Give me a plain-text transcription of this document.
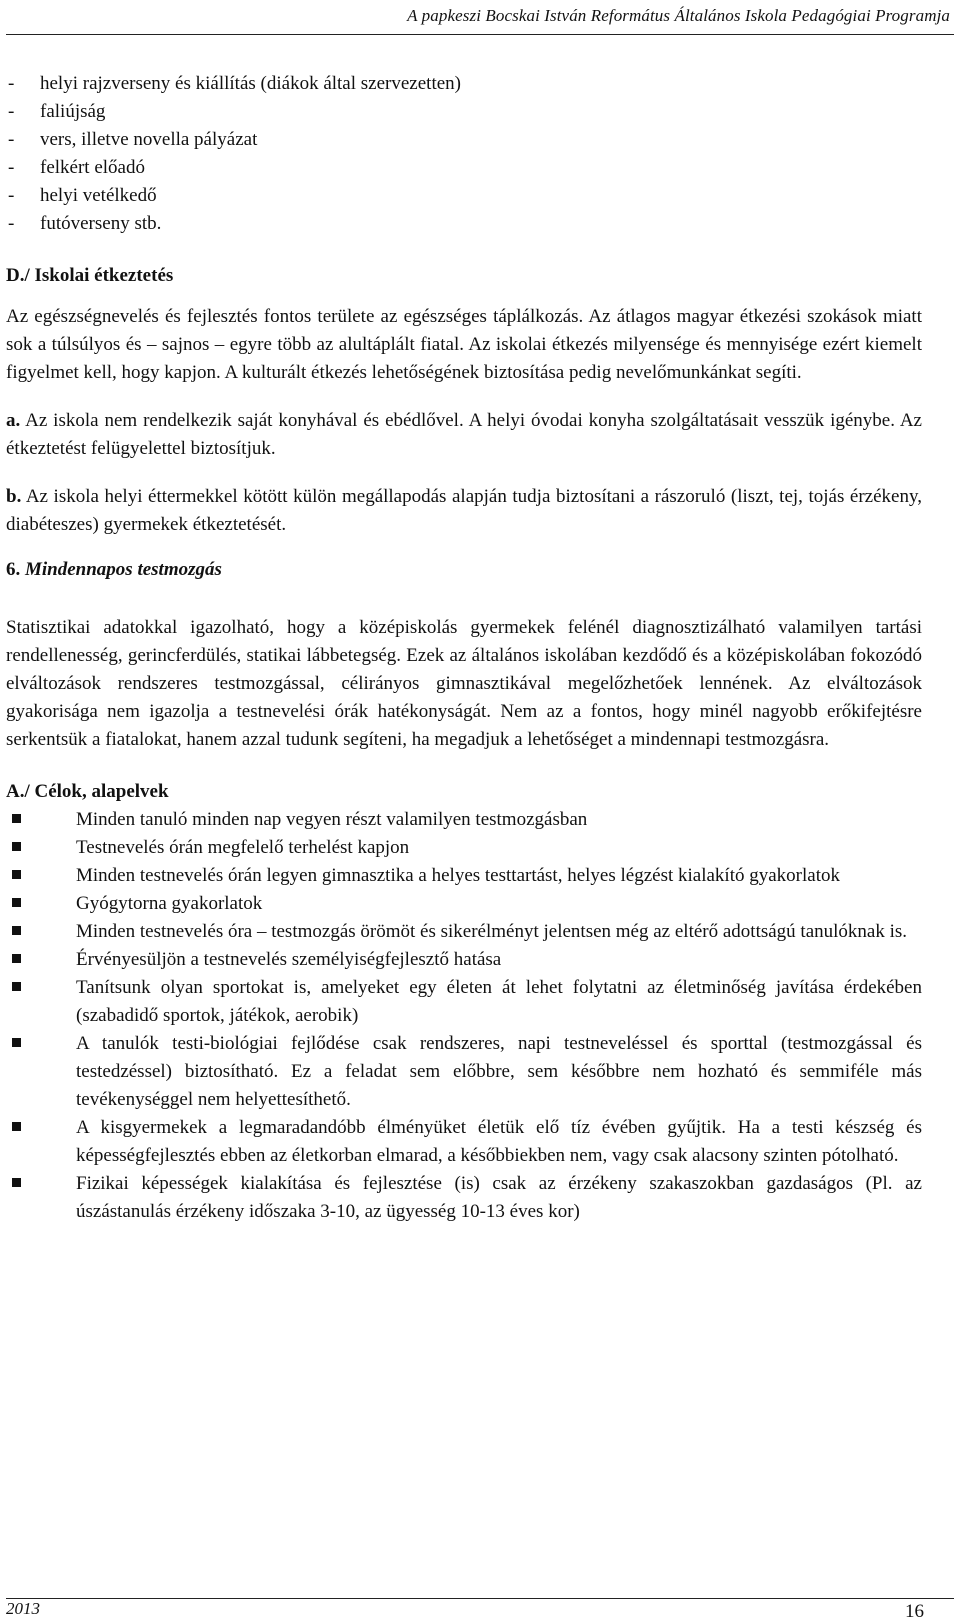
A papkeszi Bocskai István Református Általános Iskola Pedagógiai Programja
- helyi rajzverseny és kiállítás (diákok által szervezetten)
- faliújság
- vers, illetve novella pályázat
- felkért előadó
- helyi vetélkedő
- futóverseny stb.

D./ Iskolai étkeztetés

Az egészségnevelés és fejlesztés fontos területe az egészséges táplálkozás. Az átlagos magyar étkezési szokások miatt sok a túlsúlyos és – sajnos – egyre több az alultáplált fiatal. Az iskolai étkezés milyensége és mennyisége ezért kiemelt figyelmet kell, hogy kapjon. A kulturált étkezés lehetőségének biztosítása pedig nevelőmunkánkat segíti.

a. Az iskola nem rendelkezik saját konyhával és ebédlővel. A helyi óvodai konyha szolgáltatásait vesszük igénybe. Az étkeztetést felügyelettel biztosítjuk.

b. Az iskola helyi éttermekkel kötött külön megállapodás alapján tudja biztosítani a rászoruló (liszt, tej, tojás érzékeny, diabéteszes) gyermekek étkeztetését.

6. Mindennapos testmozgás

Statisztikai adatokkal igazolható, hogy a középiskolás gyermekek felénél diagnosztizálható valamilyen tartási rendellenesség, gerincferdülés, statikai lábbetegség. Ezek az általános iskolában kezdődő és a középiskolában fokozódó elváltozások rendszeres testmozgással, célirányos gimnasztikával megelőzhetőek lennének. Az elváltozások gyakorisága nem igazolja a testnevelési órák hatékonyságát. Nem az a fontos, hogy minél nagyobb erőkifejtésre serkentsük a fiatalokat, hanem azzal tudunk segíteni, ha megadjuk a lehetőséget a mindennapi testmozgásra.

A./ Célok, alapelvek

Minden tanuló minden nap vegyen részt valamilyen testmozgásban
Testnevelés órán megfelelő terhelést kapjon
Minden testnevelés órán legyen gimnasztika a helyes testtartást, helyes légzést kialakító gyakorlatok
Gyógytorna gyakorlatok
Minden testnevelés óra – testmozgás örömöt és sikerélményt jelentsen még az eltérő adottságú tanulóknak is.
Érvényesüljön a testnevelés személyiségfejlesztő hatása
Tanítsunk olyan sportokat is, amelyeket egy életen át lehet folytatni az életminőség javítása érdekében (szabadidő sportok, játékok, aerobik)
A tanulók testi-biológiai fejlődése csak rendszeres, napi testneveléssel és sporttal (testmozgással és testedzéssel) biztosítható. Ez a feladat sem előbbre, sem későbbre nem hozható és semmiféle más tevékenységgel nem helyettesíthető.
A kisgyermekek a legmaradandóbb élményüket életük elő tíz évében gyűjtik. Ha a testi készség és képességfejlesztés ebben az életkorban elmarad, a későbbiekben nem, vagy csak alacsony szinten pótolható.
Fizikai képességek kialakítása és fejlesztése (is) csak az érzékeny szakaszokban gazdaságos (Pl. az úszástanulás érzékeny időszaka 3-10, az ügyesség 10-13 éves kor)
2013	16
